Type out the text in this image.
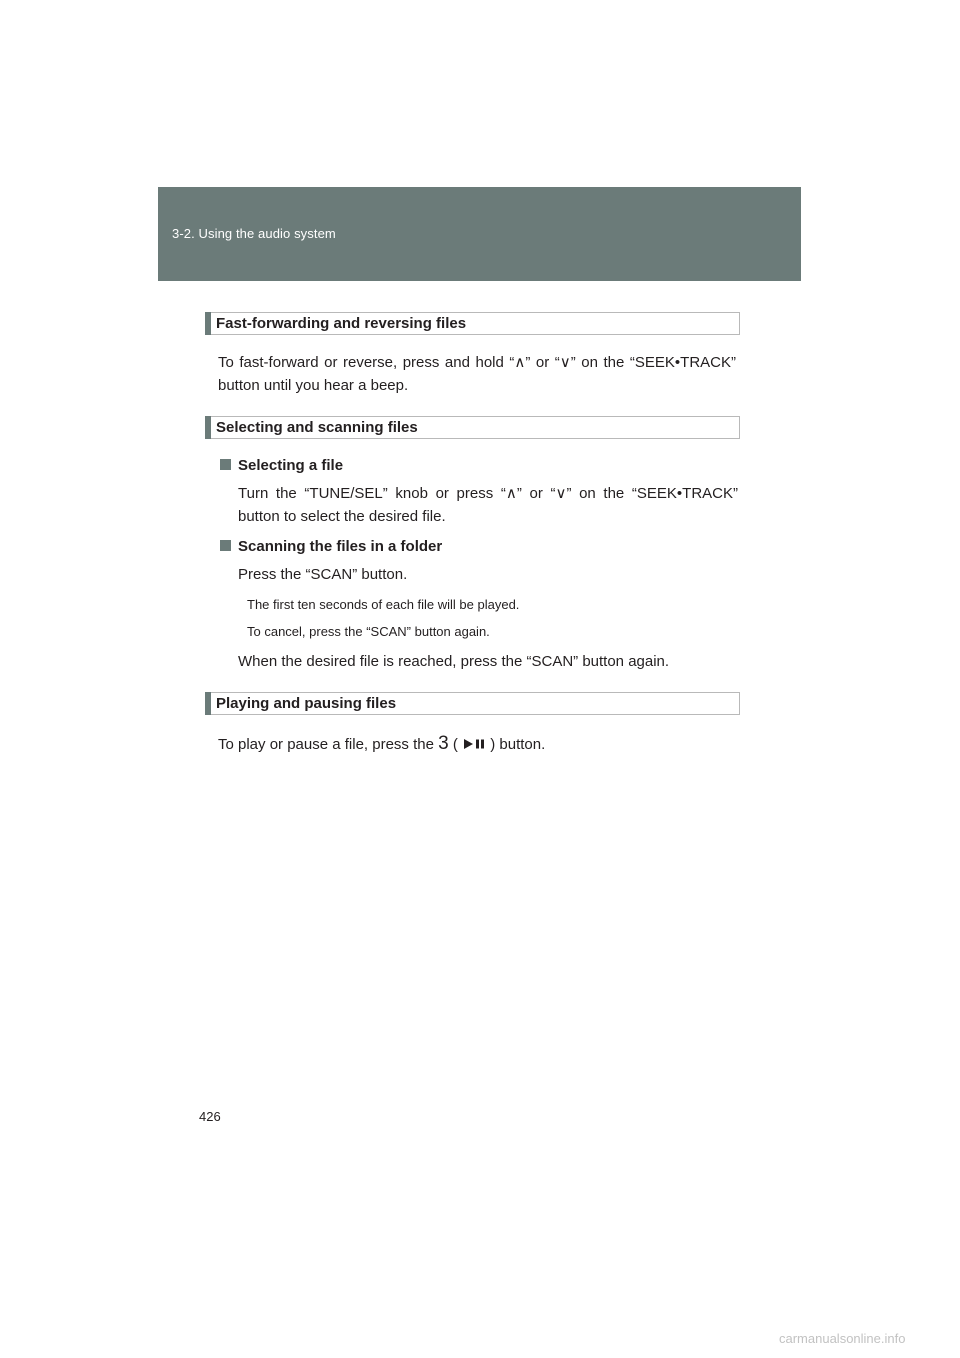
3-2. Using the audio system
Fast-forwarding and reversing files
To fast-forward or reverse, press and hold “∧” or “∨” on the “SEEK•TRACK” button until you hear a beep.
Selecting and scanning files
Selecting a file
Turn the “TUNE/SEL” knob or press “∧” or “∨” on the “SEEK•TRACK” button to select the desired file.
Scanning the files in a folder
Press the “SCAN” button.
The first ten seconds of each file will be played.
To cancel, press the “SCAN” button again.
When the desired file is reached, press the “SCAN” button again.
Playing and pausing files
To play or pause a file, press the 3 (  ) button.
426
carmanualsonline.info
